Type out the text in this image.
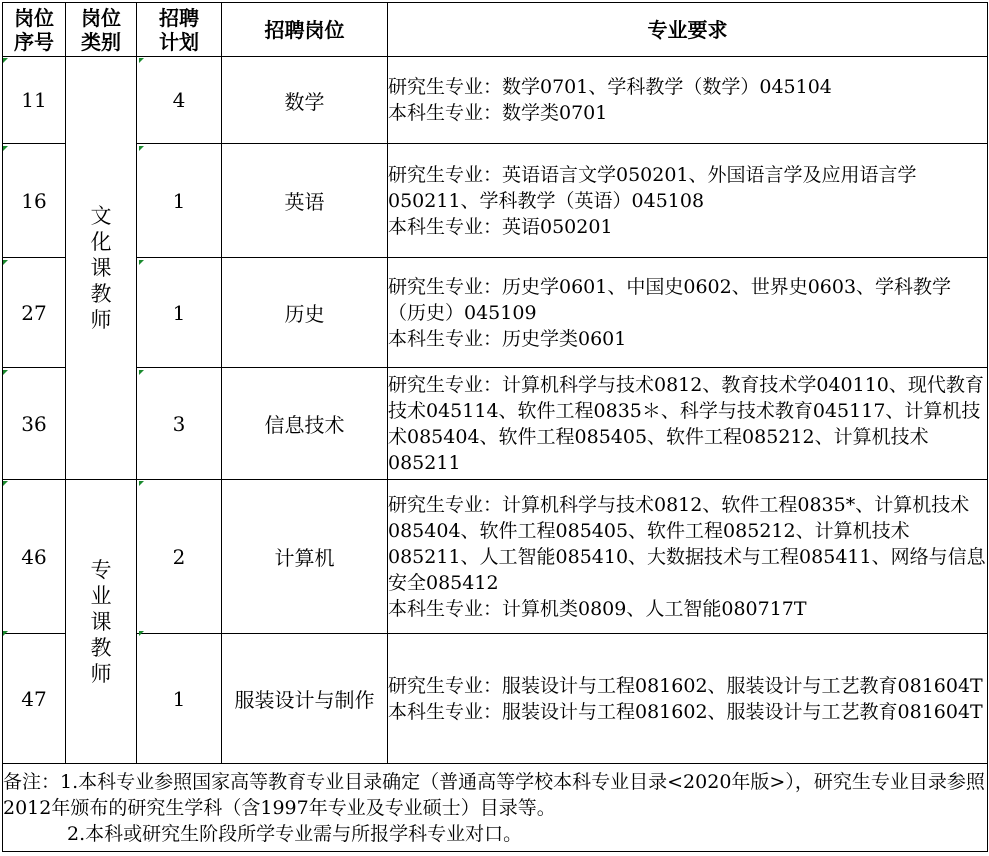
岗位序号	岗位类别	招聘计划	招聘岗位	专业要求
11	文化课教师	4	数学	研究生专业：数学0701、学科教学（数学）045104
本科生专业：数学类0701

16		1	英语	研究生专业：英语语言文学050201、外国语言学及应用语言学050211、学科教学（英语）045108
本科生专业：英语050201

27		1	历史	研究生专业：历史学0601、中国史0602、世界史0603、学科教学（历史）045109
本科生专业：历史学类0601

36		3	信息技术	研究生专业：计算机科学与技术0812、教育技术学040110、现代教育技术045114、软件工程0835＊、科学与技术教育045117、计算机技术085404、软件工程085405、软件工程085212、计算机技术085211

46	专业课教师	2	计算机	研究生专业：计算机科学与技术0812、软件工程0835*、计算机技术085404、软件工程085405、软件工程085212、计算机技术085211、人工智能085410、大数据技术与工程085411、网络与信息安全085412
本科生专业：计算机类0809、人工智能080717T

47		1	服装设计与制作	研究生专业：服装设计与工程081602、服装设计与工艺教育081604T
本科生专业：服装设计与工程081602、服装设计与工艺教育081604T

备注：1.本科专业参照国家高等教育专业目录确定（普通高等学校本科专业目录<2020年版>），研究生专业目录参照2012年颁布的研究生学科（含1997年专业及专业硕士）目录等。
2.本科或研究生阶段所学专业需与所报学科专业对口。				
